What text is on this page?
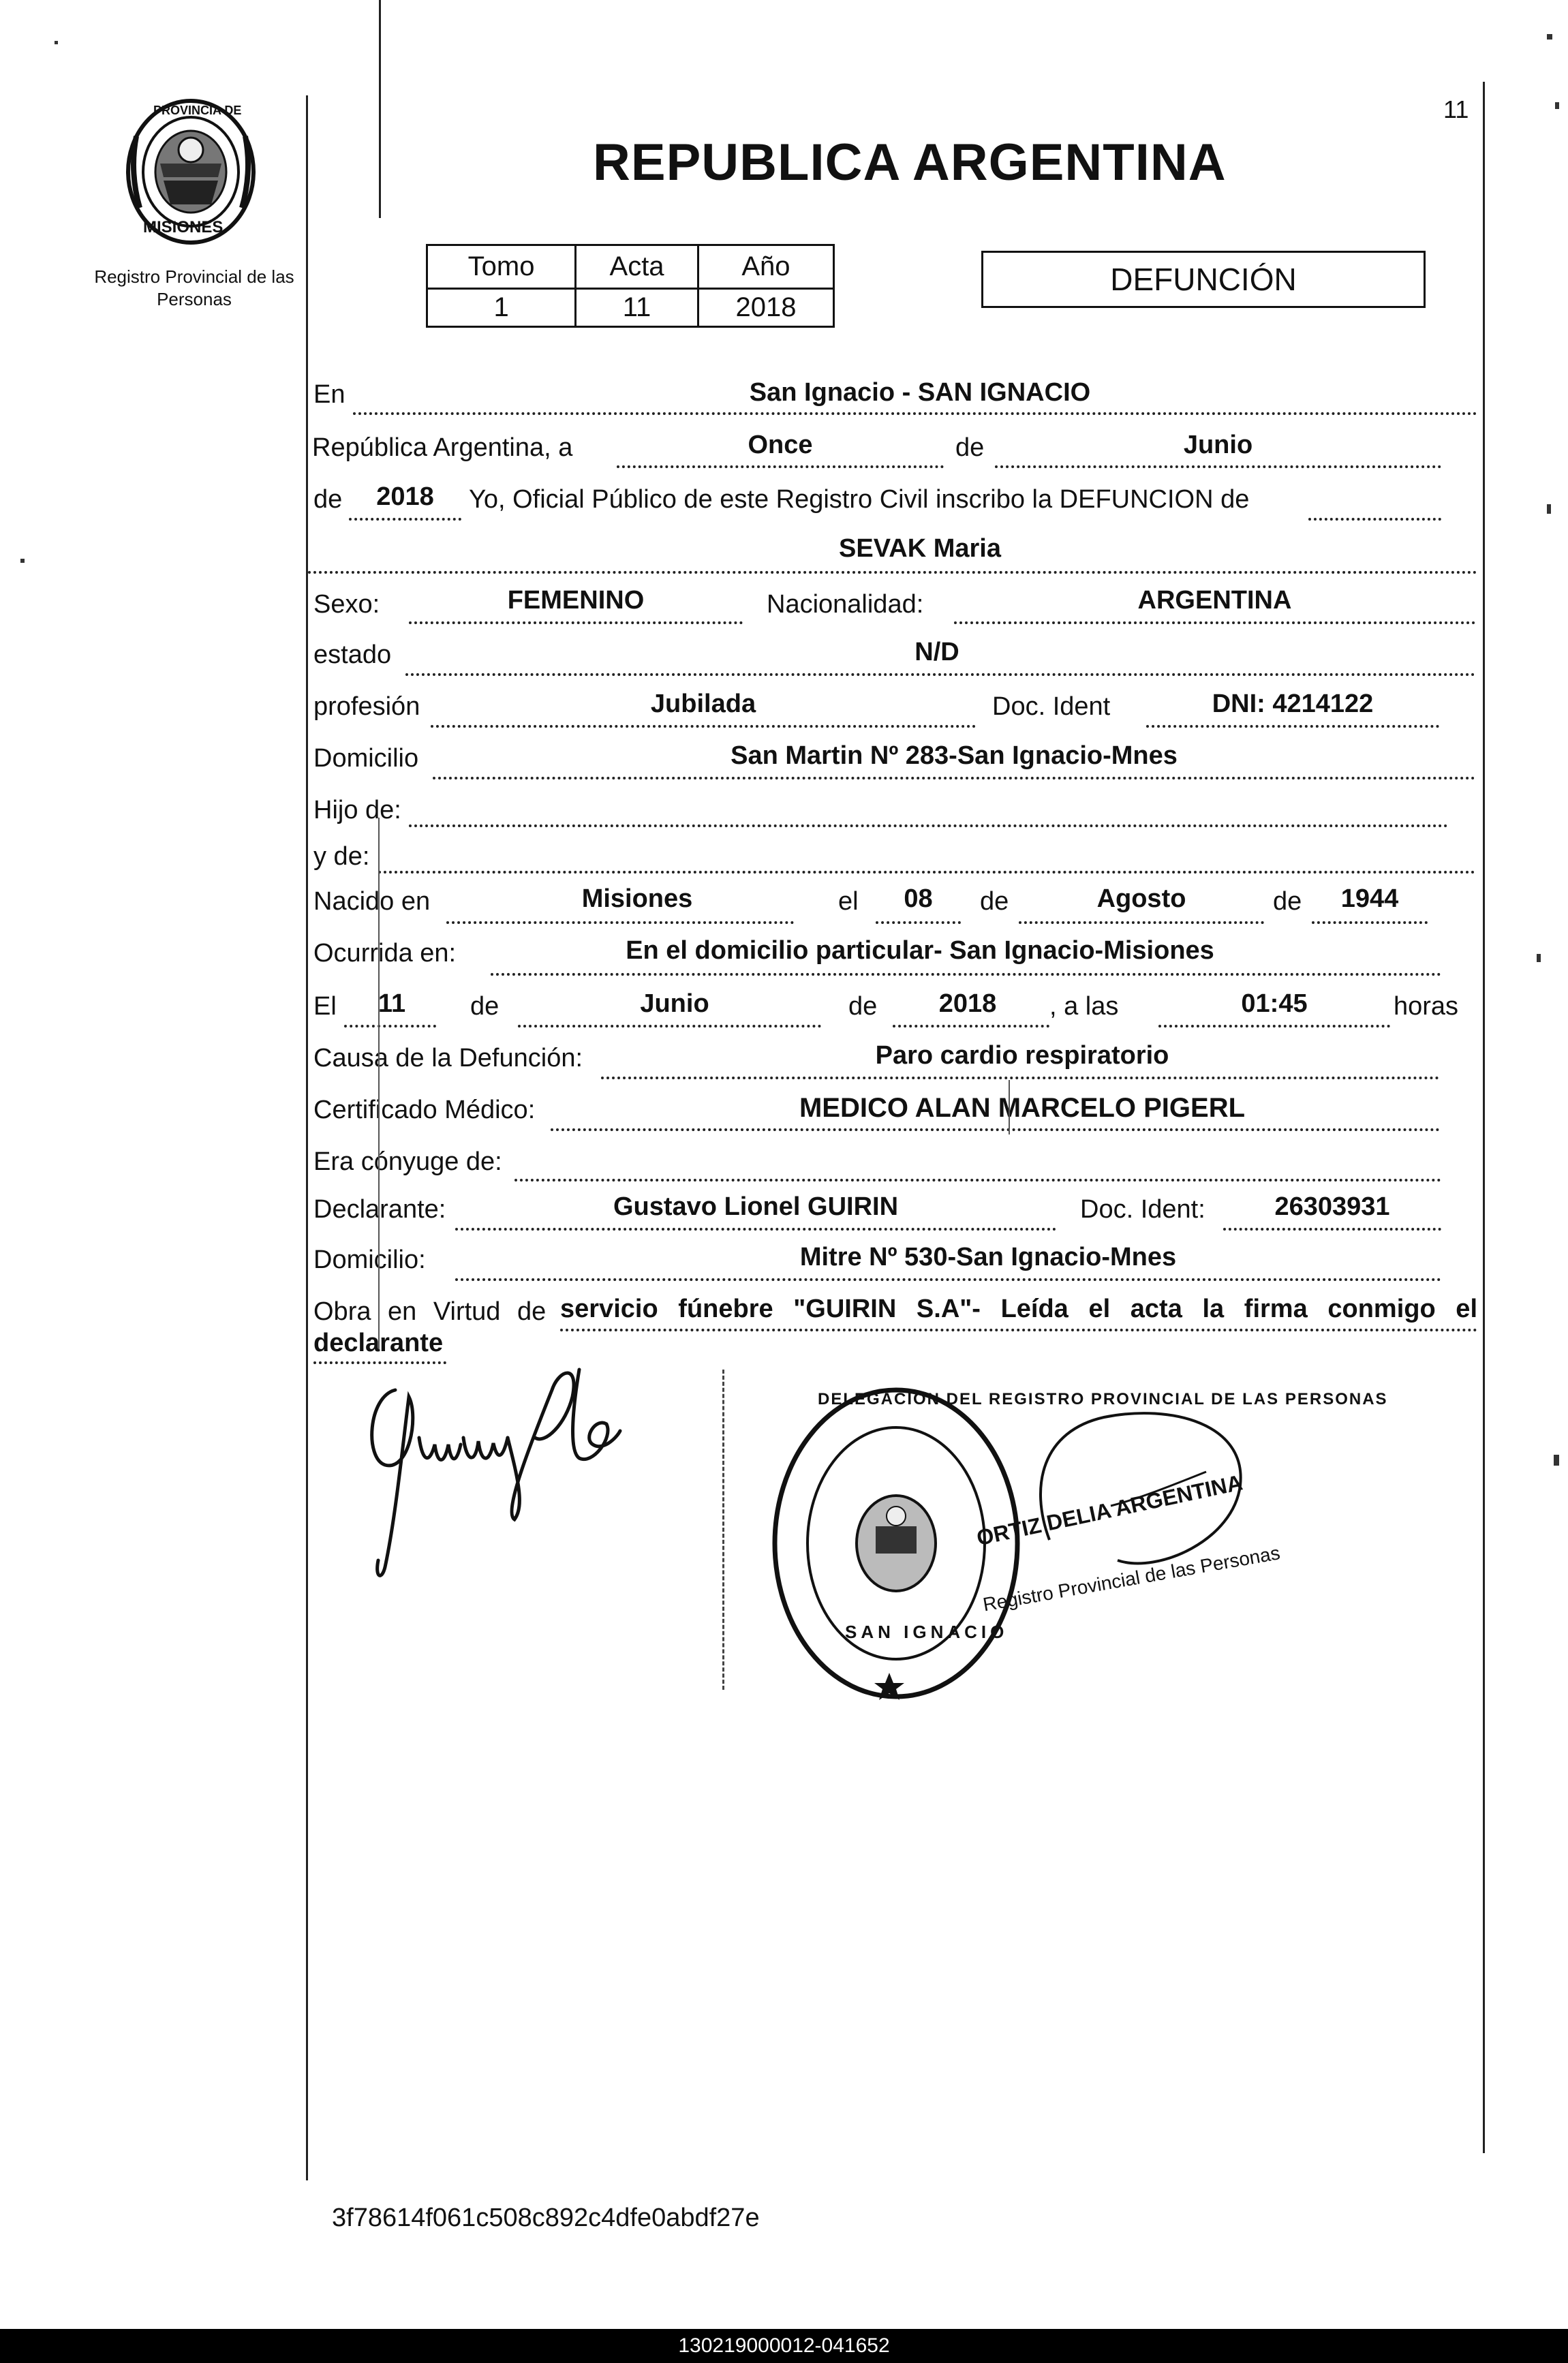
11
PROVINCIA DE
MISIONES
Registro Provincial de las Personas
REPUBLICA ARGENTINA
Tomo	Acta	Año
1	11	2018
DEFUNCIÓN
En	San Ignacio - SAN IGNACIO
República Argentina, a	Once	de	Junio
de	2018	Yo, Oficial Público de este Registro Civil inscribo la DEFUNCION de
SEVAK Maria
Sexo:	FEMENINO	Nacionalidad:	ARGENTINA
estado	N/D
profesión	Jubilada	Doc. Ident	DNI: 4214122
Domicilio	San Martin Nº 283-San Ignacio-Mnes
Hijo de:
y de:
Nacido en	Misiones	el	08	de	Agosto	de	1944
Ocurrida en:	En el domicilio particular- San Ignacio-Misiones
El	11	de	Junio	de	2018	, a las	01:45	horas
Causa de la Defunción:	Paro cardio respiratorio
Certificado Médico:	MEDICO ALAN MARCELO PIGERL
Era cónyuge de:
Declarante:	Gustavo Lionel GUIRIN	Doc. Ident:	26303931
Domicilio:	Mitre Nº 530-San Ignacio-Mnes
Obra en Virtud de servicio fúnebre "GUIRIN S.A"- Leída el acta la firma conmigo el
declarante
DELEGACION DEL REGISTRO PROVINCIAL DE LAS PERSONAS
SAN IGNACIO
ORTIZ DELIA ARGENTINA
Registro Provincial de las Personas
3f78614f061c508c892c4dfe0abdf27e
130219000012-041652
